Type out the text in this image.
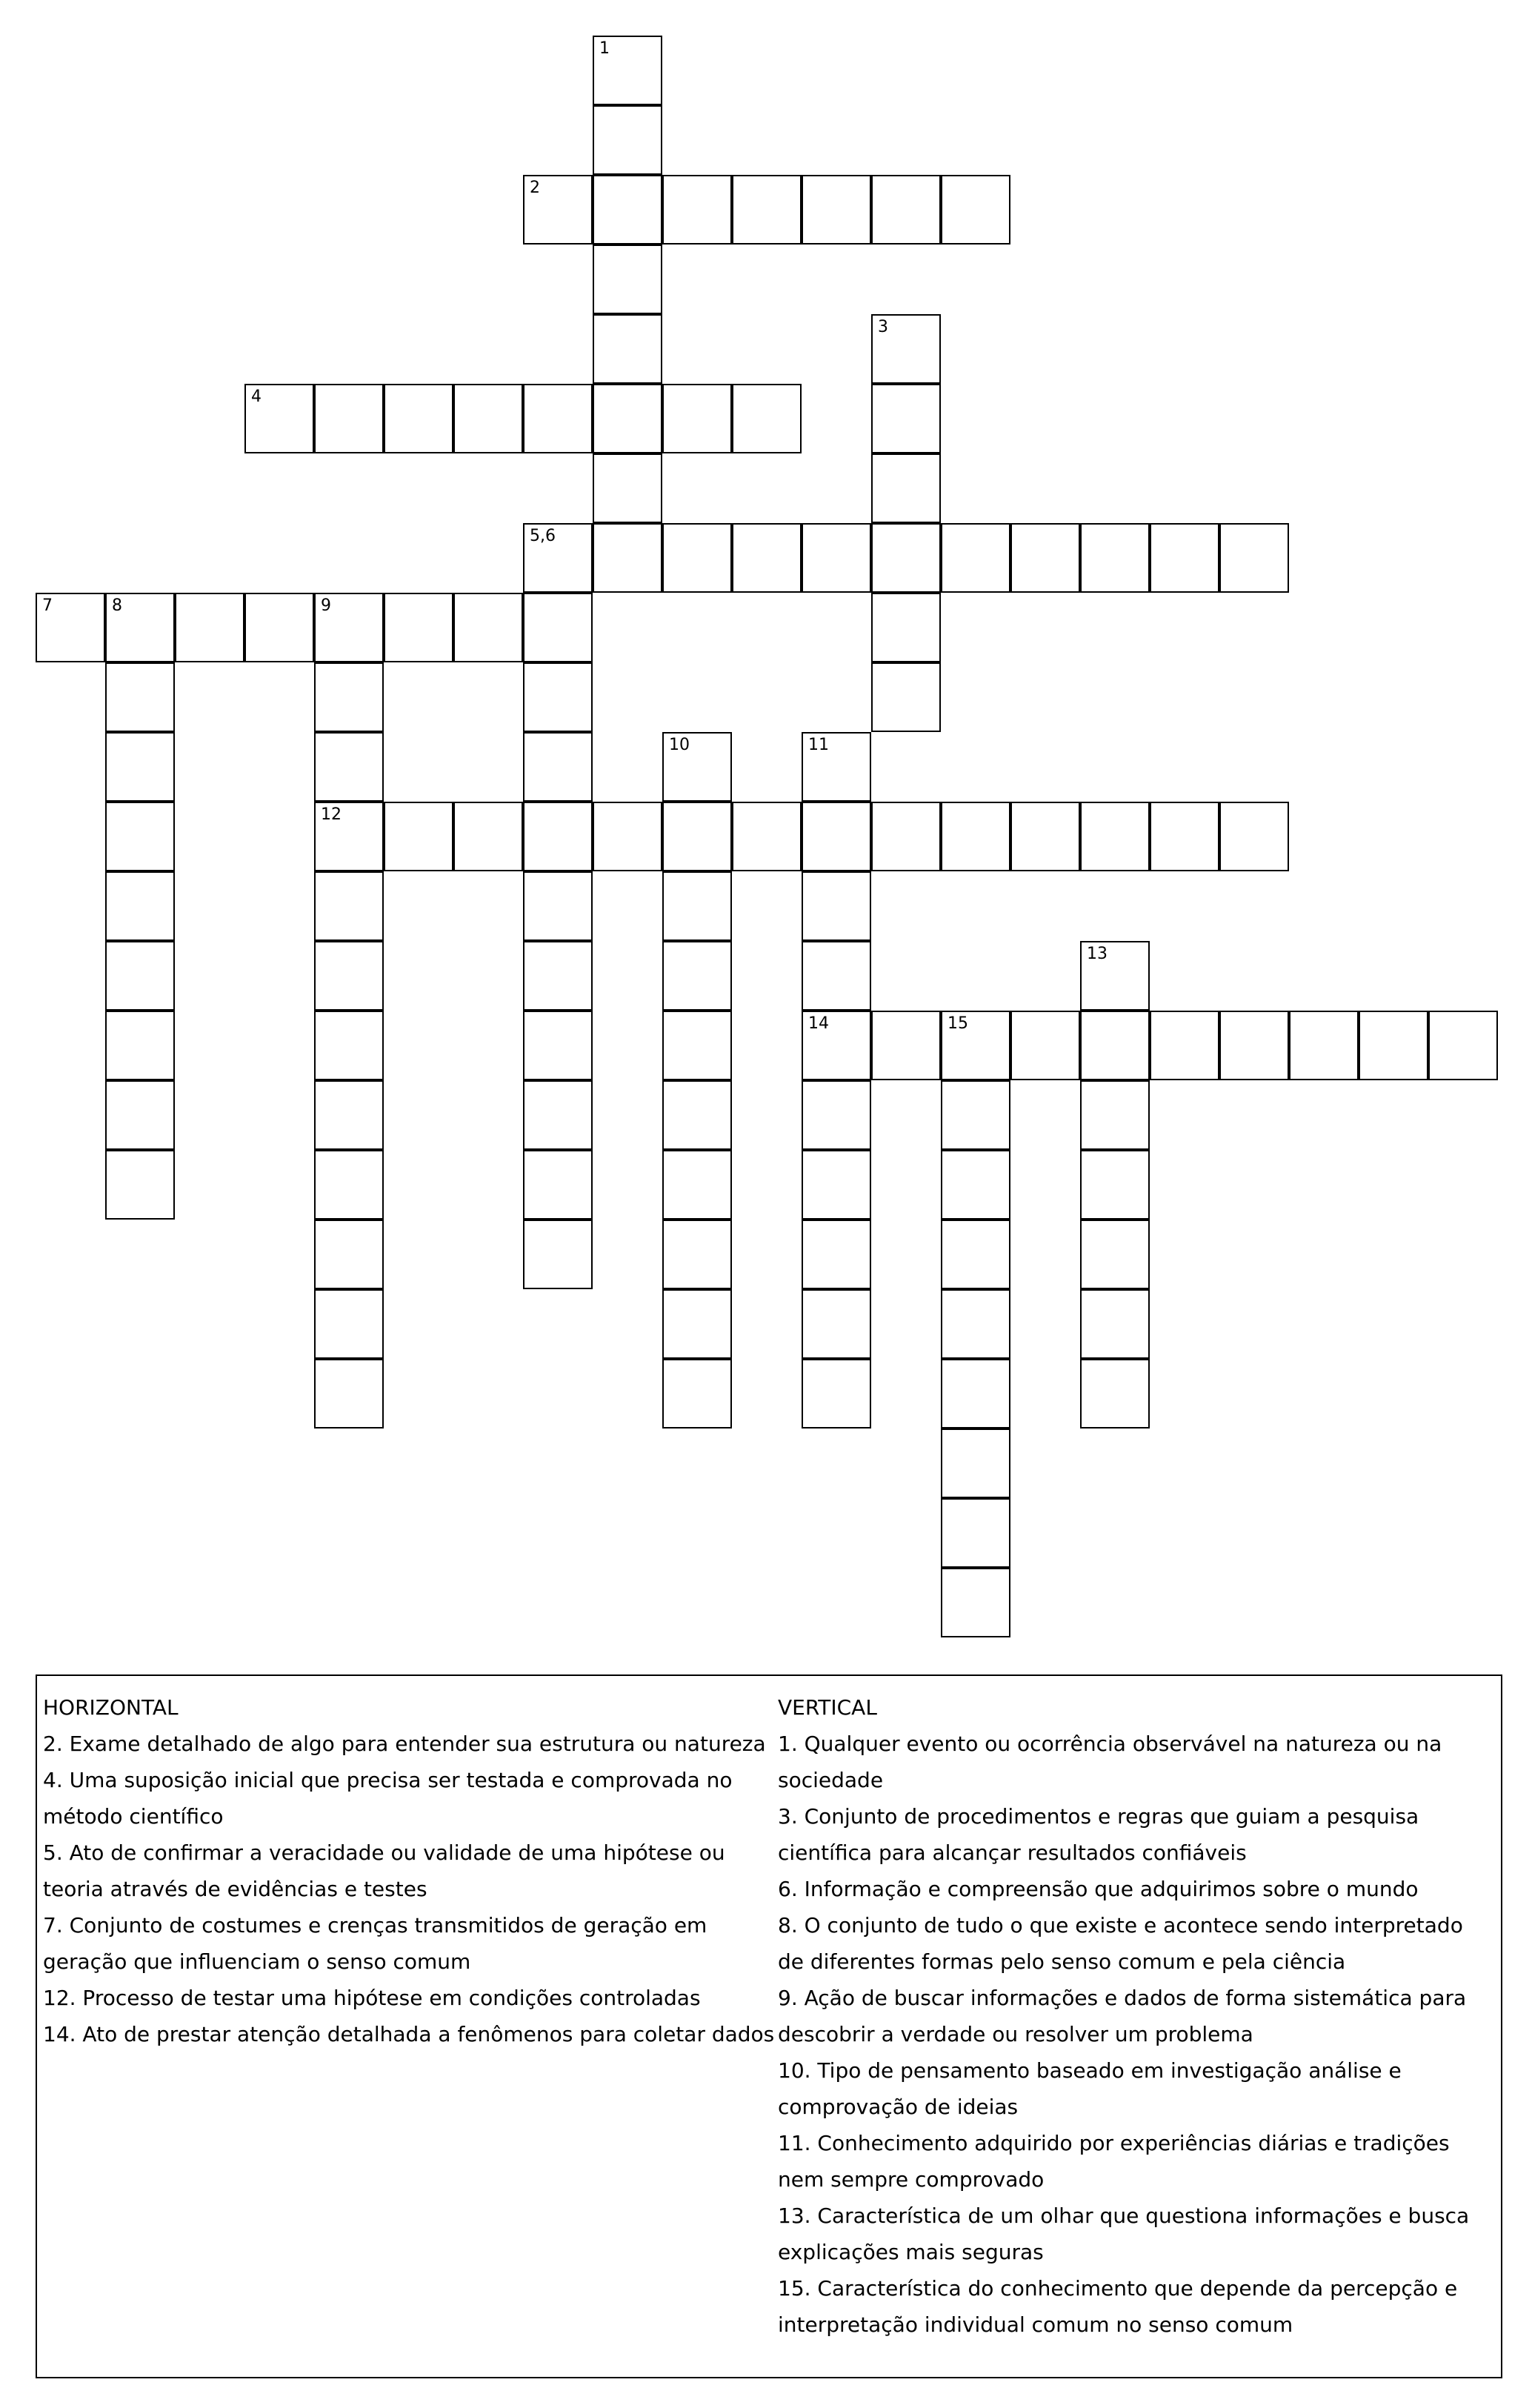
2
4
5,6
7	8	9
12
14	15
1
3
10	11
13

HORIZONTAL

2. Exame detalhado de algo para entender sua estrutura ou natureza

4. Uma suposição inicial que precisa ser testada e comprovada no método científico

5. Ato de confirmar a veracidade ou validade de uma hipótese ou teoria através de evidências e testes

7. Conjunto de costumes e crenças transmitidos de geração em geração que influenciam o senso comum

12. Processo de testar uma hipótese em condições controladas

14. Ato de prestar atenção detalhada a fenômenos para coletar dados

VERTICAL

1. Qualquer evento ou ocorrência observável na natureza ou na sociedade

3. Conjunto de procedimentos e regras que guiam a pesquisa científica para alcançar resultados confiáveis

6. Informação e compreensão que adquirimos sobre o mundo

8. O conjunto de tudo o que existe e acontece sendo interpretado de diferentes formas pelo senso comum e pela ciência

9. Ação de buscar informações e dados de forma sistemática para descobrir a verdade ou resolver um problema

10. Tipo de pensamento baseado em investigação análise e comprovação de ideias

11. Conhecimento adquirido por experiências diárias e tradições nem sempre comprovado

13. Característica de um olhar que questiona informações e busca explicações mais seguras

15. Característica do conhecimento que depende da percepção e interpretação individual comum no senso comum
